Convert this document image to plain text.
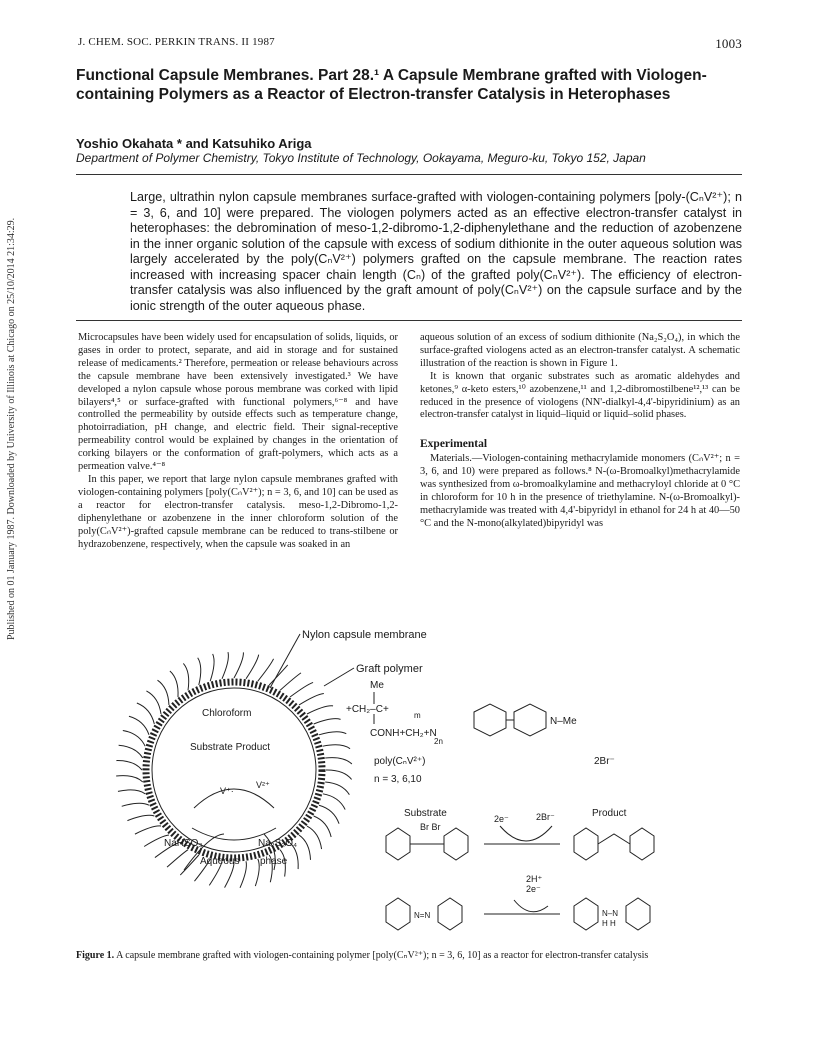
J. CHEM. SOC. PERKIN TRANS. II 1987	1003
Functional Capsule Membranes. Part 28.¹ A Capsule Membrane grafted with Viologen-containing Polymers as a Reactor of Electron-transfer Catalysis in Heterophases
Yoshio Okahata * and Katsuhiko Ariga
Department of Polymer Chemistry, Tokyo Institute of Technology, Ookayama, Meguro-ku, Tokyo 152, Japan
Large, ultrathin nylon capsule membranes surface-grafted with viologen-containing polymers [poly-(CₙV²⁺); n = 3, 6, and 10] were prepared. The viologen polymers acted as an effective electron-transfer catalyst in heterophases: the debromination of meso-1,2-dibromo-1,2-diphenylethane and the reduction of azobenzene in the inner organic solution of the capsule with excess of sodium dithionite in the outer aqueous solution was largely accelerated by the poly(CₙV²⁺) polymers grafted on the capsule membrane. The reaction rates increased with increasing spacer chain length (Cₙ) of the grafted poly(CₙV²⁺). The efficiency of electron-transfer catalysis was also influenced by the graft amount of poly(CₙV²⁺) on the capsule surface and by the ionic strength of the outer aqueous phase.
Published on 01 January 1987. Downloaded by University of Illinois at Chicago on 25/10/2014 21:34:29.	Microcapsules have been widely used for encapsulation of solids, liquids, or gases in order to protect, separate, and aid in storage and for sustained release of medicaments.² Therefore, permeation or release behaviours across the capsule membrane have been extensively investigated.³ We have developed a nylon capsule whose porous membrane was corked with lipid bilayers⁴,⁵ or surface-grafted with functional polymers,⁶⁻⁸ and have controlled the permeability by outside effects such as temperature change, photoirradiation, pH change, and electric field. Their signal-receptive permeability control would be explained by changes in the orientation of corking bilayers or the conformation of graft-polymers, which acts as a permeation valve.⁴⁻⁸

In this paper, we report that large nylon capsule membranes grafted with viologen-containing polymers [poly(CₙV²⁺); n = 3, 6, and 10] can be used as a reactor for electron-transfer catalysis. meso-1,2-Dibromo-1,2-diphenylethane or azobenzene in the inner chloroform solution of the poly(CₙV²⁺)-grafted capsule membrane can be reduced to trans-stilbene or hydrazobenzene, respectively, when the capsule was soaked in an

aqueous solution of an excess of sodium dithionite (Na₂S₂O₄), in which the surface-grafted viologens acted as an electron-transfer catalyst. A schematic illustration of the reaction is shown in Figure 1.

It is known that organic substrates such as aromatic aldehydes and ketones,⁹ α-keto esters,¹⁰ azobenzene,¹¹ and 1,2-dibromostilbene¹²,¹³ can be reduced in the presence of viologens (NN'-dialkyl-4,4'-bipyridinium) as an electron-transfer catalyst in liquid–liquid or liquid–solid phases.

Experimental

Materials.—Viologen-containing methacrylamide monomers (CₙV²⁺; n = 3, 6, and 10) were prepared as follows.⁸ N-(ω-Bromoalkyl)methacrylamide was synthesized from ω-bromoalkylamine and methacryloyl chloride at 0 °C in chloroform for 10 h in the presence of triethylamine. N-(ω-Bromoalkyl)-methacrylamide was treated with 4,4'-bipyridyl in ethanol for 24 h at 40—50 °C and the N-mono(alkylated)bipyridyl was

Nylon capsule membrane
Graft polymer
Chloroform
Substrate Product
V⁺·
V²⁺
NaHSO₃	Na₂S₂O₄
Aqueous phase
Me
+CH₂–C+
m
CONH+CH₂+N
2n
N–Me
poly(CₙV²⁺)	2Br⁻
n = 3, 6,10
Substrate
Br Br
2e⁻	2Br⁻	Product
2H⁺
2e⁻
N=N	N–N
H H
Figure 1. A capsule membrane grafted with viologen-containing polymer [poly(CₙV²⁺); n = 3, 6, 10] as a reactor for electron-transfer catalysis
